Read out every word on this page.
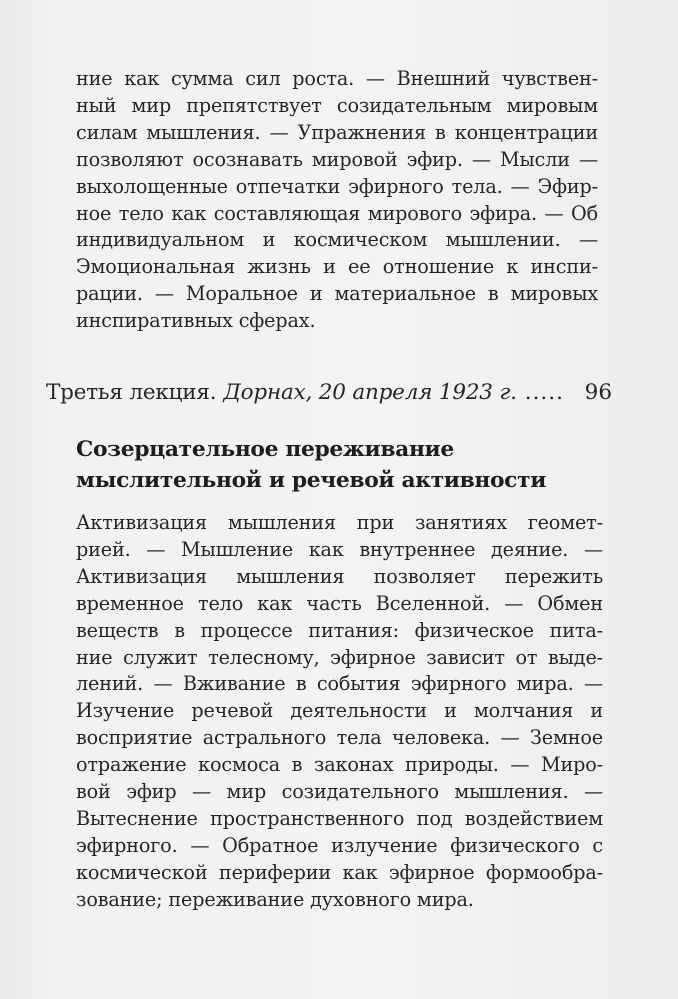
ние как сумма сил роста. — Внешний чувствен-
ный мир препятствует созидательным мировым
силам мышления. — Упражнения в концентрации
позволяют осознавать мировой эфир. — Мысли —
выхолощенные отпечатки эфирного тела. — Эфир-
ное тело как составляющая мирового эфира. — Об
индивидуальном и космическом мышлении. —
Эмоциональная жизнь и ее отношение к инспи-
рации. — Моральное и материальное в мировых
инспиративных сферах.
Третья лекция. Дорнах, 20 апреля 1923 г. ..... 96
Созерцательное переживание
мыслительной и речевой активности
Активизация мышления при занятиях геомет-
рией. — Мышление как внутреннее деяние. —
Активизация мышления позволяет пережить
временное тело как часть Вселенной. — Обмен
веществ в процессе питания: физическое пита-
ние служит телесному, эфирное зависит от выде-
лений. — Вживание в события эфирного мира. —
Изучение речевой деятельности и молчания и
восприятие астрального тела человека. — Земное
отражение космоса в законах природы. — Миро-
вой эфир — мир созидательного мышления. —
Вытеснение пространственного под воздействием
эфирного. — Обратное излучение физического с
космической периферии как эфирное формообра-
зование; переживание духовного мира.
